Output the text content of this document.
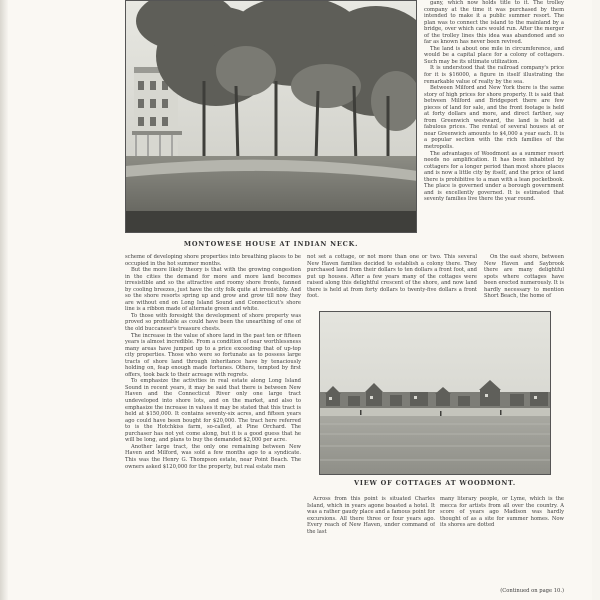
MONTOWESE HOUSE AT INDIAN NECK.

gany, which now holds title to it. The trolley company at the time it was purchased by them intended to make it a public summer resort. The plan was to connect the island to the mainland by a bridge, over which cars would run. After the merger of the trolley lines this idea was abandoned and so far as known has never been revived.

The land is about one mile in circumference, and would be a capital place for a colony of cottagers. Such may be its ultimate utilization.

It is understood that the railroad company's price for it is $16000, a figure in itself illustrating the remarkable value of realty by the sea.

Between Milford and New York there is the same story of high prices for shore property. It is said that between Milford and Bridgeport there are few pieces of land for sale, and the front footage is held at forty dollars and more, and direct farther, say from Greenwich westward, the land is held at fabulous prices. The rental of several houses at or near Greenwich amounts to $4,000 a year each. It is a popular section with the rich families of the metropolis.

The advantages of Woodmont as a summer resort needs no amplification. It has been inhabited by cottagers for a longer period than most shore places and is now a little city by itself, and the price of land there is prohibitive to a man with a lean pocketbook. The place is governed under a borough government and is excellently governed. It is estimated that seventy families live there the year round.

scheme of developing shore properties into breathing places to be occupied in the hot summer months.

But the more likely theory is that with the growing congestion in the cities the demand for more and more land becomes irresistible and so the attractive and roomy shore fronts, fanned by cooling breezes, just have the city folk quite at irresistibly. And so the shore resorts spring up and grow and grow till now they are without end on Long Island Sound and Connecticut's shore line is a ribbon made of alternate green and white.

To those with foresight the development of shore property was proved so profitable as could have been the unearthing of one of the old buccaneer's treasure chests.

The increase in the value of shore land in the past ten or fifteen years is almost incredible. From a condition of near worthlessness many areas have jumped up to a price exceeding that of up-top city properties. Those who were so fortunate as to possess large tracts of shore land through inheritance have by tenaciously holding on, feap enough made fortunes. Others, tempted by first offers, took back to their acreage with regrets.

To emphasize the activities in real estate along Long Island Sound in recent years, it may be said that there is between New Haven and the Connecticut River only one large tract undeveloped into shore lots, and on the market, and also to emphasize the increase in values it may be stated that this tract is held at $150,000. It contains seventy-six acres, and fifteen years ago could have been bought for $20,000. The tract here referred to is the Hotchkiss farm, so-called, at Pine Orchard. The purchaser has not yet come along, but it is a good guess that he will be long, and plans to buy the demanded $2,000 per acre.

Another large tract, the only one remaining between New Haven and Milford, was sold a few months ago to a syndicate. This was the Henry G. Thompson estate, near Point Beach. The owners asked $120,000 for the property, but real estate men

not set a cottage, or not more than one or two. This several New Haven families decided to establish a colony there. They purchased land from their dollars to ten dollars a front foot, and put up houses. After a few years many of the cottages were raised along this delightful crescent of the shore, and now land there is held at from forty dollars to twenty-five dollars a front foot.

On the east shore, between New Haven and Saybrook there are many delightful spots where cottages have been erected numerously. It is hardly necessary to mention Short Beach, the home of

VIEW OF COTTAGES AT WOODMONT.

Across from this point is situated Charles Island, which in years agone boasted a hotel. It was a rather gaudy place and a famous point for excursions. All there three or four years ago. Every reach of New Haven, under command of the last

many literary people, or Lyme, which is the mecca for artists from all over the country. A score of years ago Madison was hardly thought of as a site for summer homes. Now its shores are dotted

(Continued on page 10.)
